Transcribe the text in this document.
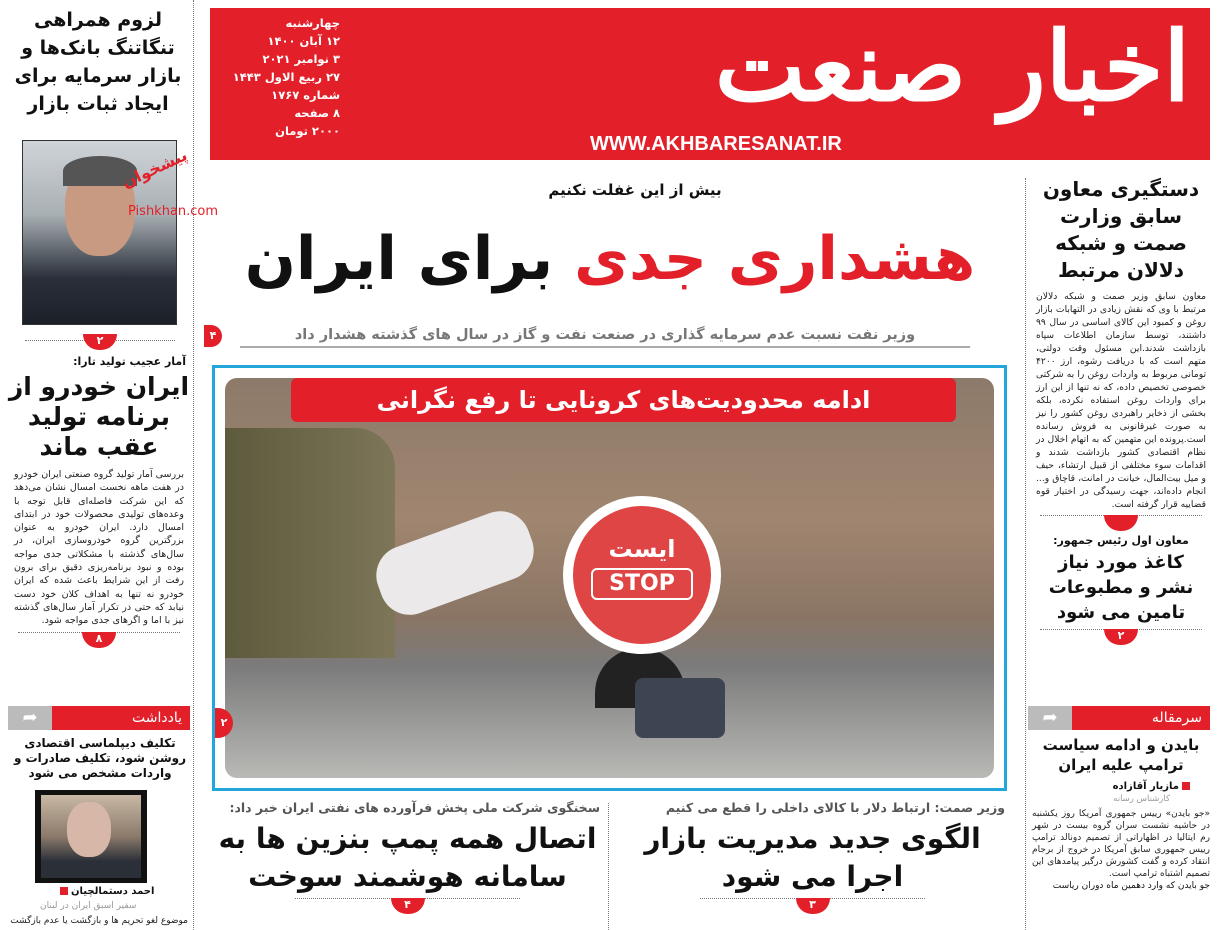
اخبار صنعت
WWW.AKHBARESANAT.IR
چهارشنبه
۱۲ آبان ۱۴۰۰
۳ نوامبر ۲۰۲۱
۲۷ ربیع الاول ۱۴۴۳
شماره ۱۷۶۷
۸ صفحه
۲۰۰۰ تومان
لزوم همراهی تنگاتنگ بانک‌ها و بازار سرمایه برای ایجاد ثبات بازار
پیشخوان
Pishkhan.com
۲
آمار عجیب تولید تارا:
ایران خودرو از برنامه تولید عقب ماند
بررسی آمار تولید گروه صنعتی ایران خودرو در هفت ماهه نخست امسال نشان می‌دهد که این شرکت فاصله‌ای قابل توجه با وعده‌های تولیدی محصولات خود در ابتدای امسال دارد. ایران خودرو به عنوان بزرگترین گروه خودروسازی ایران، در سال‌های گذشته با مشکلاتی جدی مواجه بوده و نبود برنامه‌ریزی دقیق برای برون رفت از این شرایط باعث شده که ایران خودرو نه تنها به اهداف کلان خود دست نیابد که حتی در تکرار آمار سال‌های گذشته نیز با اما و اگرهای جدی مواجه شود.
۸
یادداشت
➦
تکلیف دیپلماسی اقتصادی روشن شود، تکلیف صادرات و واردات مشخص می شود
احمد دستمالچیان
سفیر اسبق ایران در لبنان
موضوع لغو تحریم ها و بازگشت یا عدم بازگشت
بیش از این غفلت نکنیم
هشداری جدی برای ایران
۴	وزیر نفت نسبت عدم سرمایه گذاری در صنعت نفت و گاز در سال های گذشته هشدار داد
ایست
STOP
ادامه محدودیت‌های کرونایی تا رفع نگرانی
۲
وزیر صمت: ارتباط دلار با کالای داخلی را قطع می کنیم
الگوی جدید مدیریت بازار اجرا می شود
۳
سخنگوی شرکت ملی پخش فرآورده های نفتی ایران خبر داد:
اتصال همه پمپ بنزین ها به سامانه هوشمند سوخت
۴
دستگیری معاون سابق وزارت صمت و شبکه دلالان مرتبط
معاون سابق وزیر صمت و شبکه دلالان مرتبط با وی که نقش زیادی در التهابات بازار روغن و کمبود این کالای اساسی در سال ۹۹ داشتند، توسط سازمان اطلاعات سپاه بازداشت شدند.این مسئول وقت دولتی، متهم است که با دریافت رشوه، ارز ۴۲۰۰ تومانی مربوط به واردات روغن را به شرکتی خصوصی تخصیص داده، که نه تنها از این ارز برای واردات روغن استفاده نکرده، بلکه بخشی از ذخایر راهبردی روغن کشور را نیز به صورت غیرقانونی به فروش رسانده است.پرونده این متهمین که به اتهام اخلال در نظام اقتصادی کشور بازداشت شدند و اقدامات سوء مختلفی از قبیل ارتشاء، حیف و میل بیت‌المال، خیانت در امانت، قاچاق و... انجام داده‌اند، جهت رسیدگی در اختیار قوه قضاییه قرار گرفته است.
معاون اول رئیس جمهور:
کاغذ مورد نیاز نشر و مطبوعات تامین می شود
۲
سرمقاله
➦
بایدن و ادامه سیاست ترامپ علیه ایران
مازیار آقازاده
کارشناس رسانه
«جو بایدن» رییس جمهوری آمریکا روز یکشنبه در حاشیه نشست سران گروه بیست در شهر رم ایتالیا در اظهاراتی از تصمیم دونالد ترامپ رییس جمهوری سابق آمریکا در خروج از برجام انتقاد کرده و گفت کشورش درگیر پیامدهای این تصمیم اشتباه ترامپ است.
جو بایدن که وارد دهمین ماه دوران ریاست
